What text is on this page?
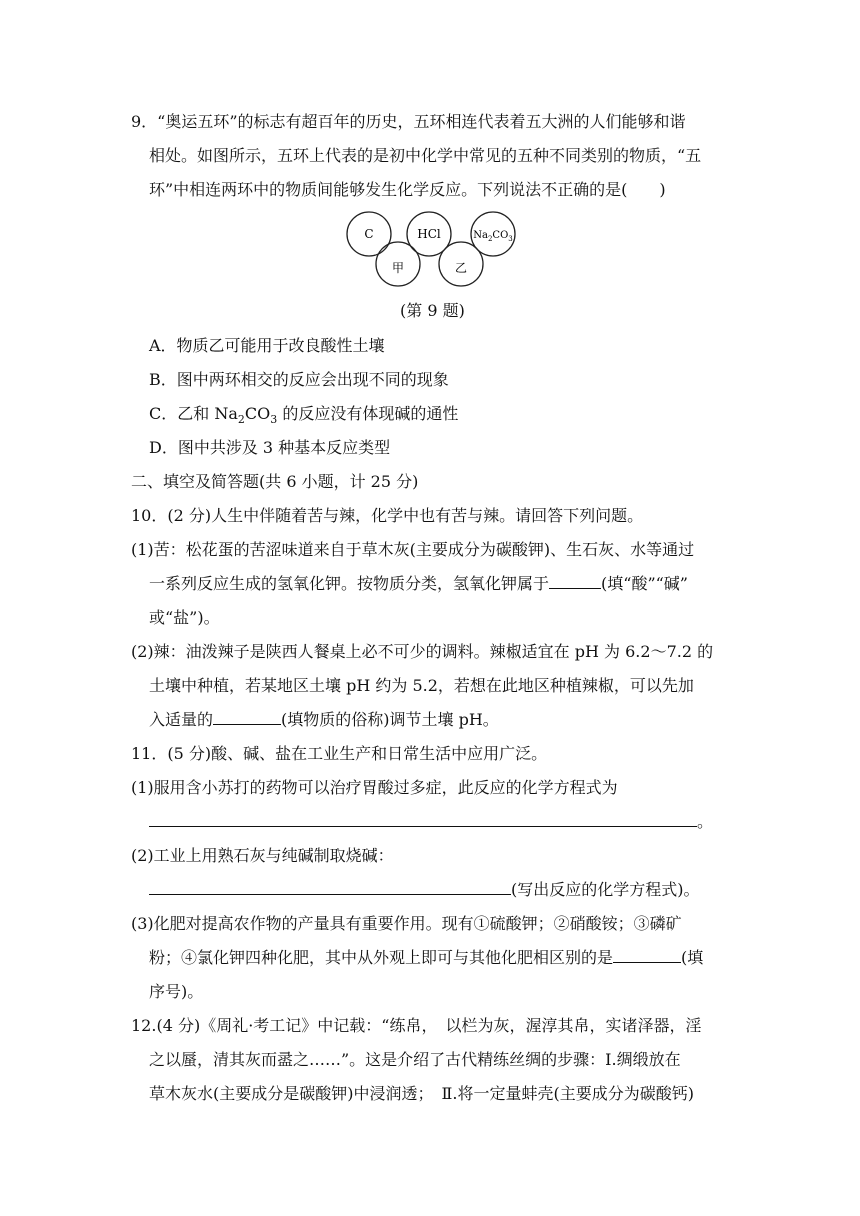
9．“奥运五环”的标志有超百年的历史，五环相连代表着五大洲的人们能够和谐
相处。如图所示，五环上代表的是初中化学中常见的五种不同类别的物质，“五
环”中相连两环中的物质间能够发生化学反应。下列说法不正确的是(　　)
C	HCl	$Na_2CO_3$
甲	乙
(第 9 题)
A．物质乙可能用于改良酸性土壤
B．图中两环相交的反应会出现不同的现象
C．乙和 $Na_2CO_3$ 的反应没有体现碱的通性
D．图中共涉及 3 种基本反应类型
二、填空及简答题(共 6 小题，计 25 分)
10．(2 分)人生中伴随着苦与辣，化学中也有苦与辣。请回答下列问题。
(1)苦：松花蛋的苦涩味道来自于草木灰(主要成分为碳酸钾)、生石灰、水等通过
一系列反应生成的氢氧化钾。按物质分类，氢氧化钾属于	(填“酸”“碱”
或“盐”)。
(2)辣：油泼辣子是陕西人餐桌上必不可少的调料。辣椒适宜在 pH 为 6.2～7.2 的
土壤中种植，若某地区土壤 pH 约为 5.2，若想在此地区种植辣椒，可以先加
入适量的	(填物质的俗称)调节土壤 pH。
11．(5 分)酸、碱、盐在工业生产和日常生活中应用广泛。
(1)服用含小苏打的药物可以治疗胃酸过多症，此反应的化学方程式为
。
(2)工业上用熟石灰与纯碱制取烧碱：
(写出反应的化学方程式)。
(3)化肥对提高农作物的产量具有重要作用。现有①硫酸钾；②硝酸铵；③磷矿
粉；④氯化钾四种化肥，其中从外观上即可与其他化肥相区别的是	(填
序号)。
12.(4 分)《周礼·考工记》中记载：“练帛，　以栏为灰，渥淳其帛，实诸泽器，淫
之以蜃，清其灰而盝之……”。这是介绍了古代精练丝绸的步骤：Ⅰ.绸缎放在
草木灰水(主要成分是碳酸钾)中浸润透；　Ⅱ.将一定量蚌壳(主要成分为碳酸钙)
